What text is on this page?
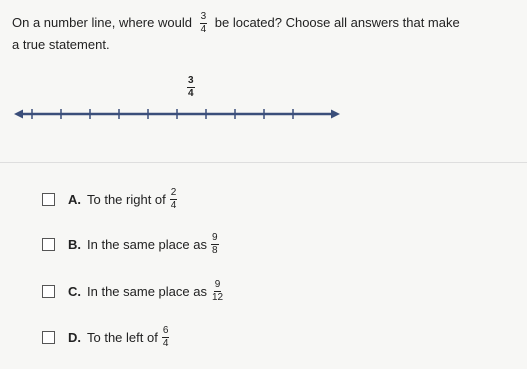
On a number line, where would $\frac{3}{4}$ be located? Choose all answers that make
a true statement.
$\frac{3}{4}$
A. To the right of $\frac{2}{4}$
B. In the same place as $\frac{9}{8}$
C. In the same place as $\frac{9}{12}$
D. To the left of $\frac{6}{4}$
